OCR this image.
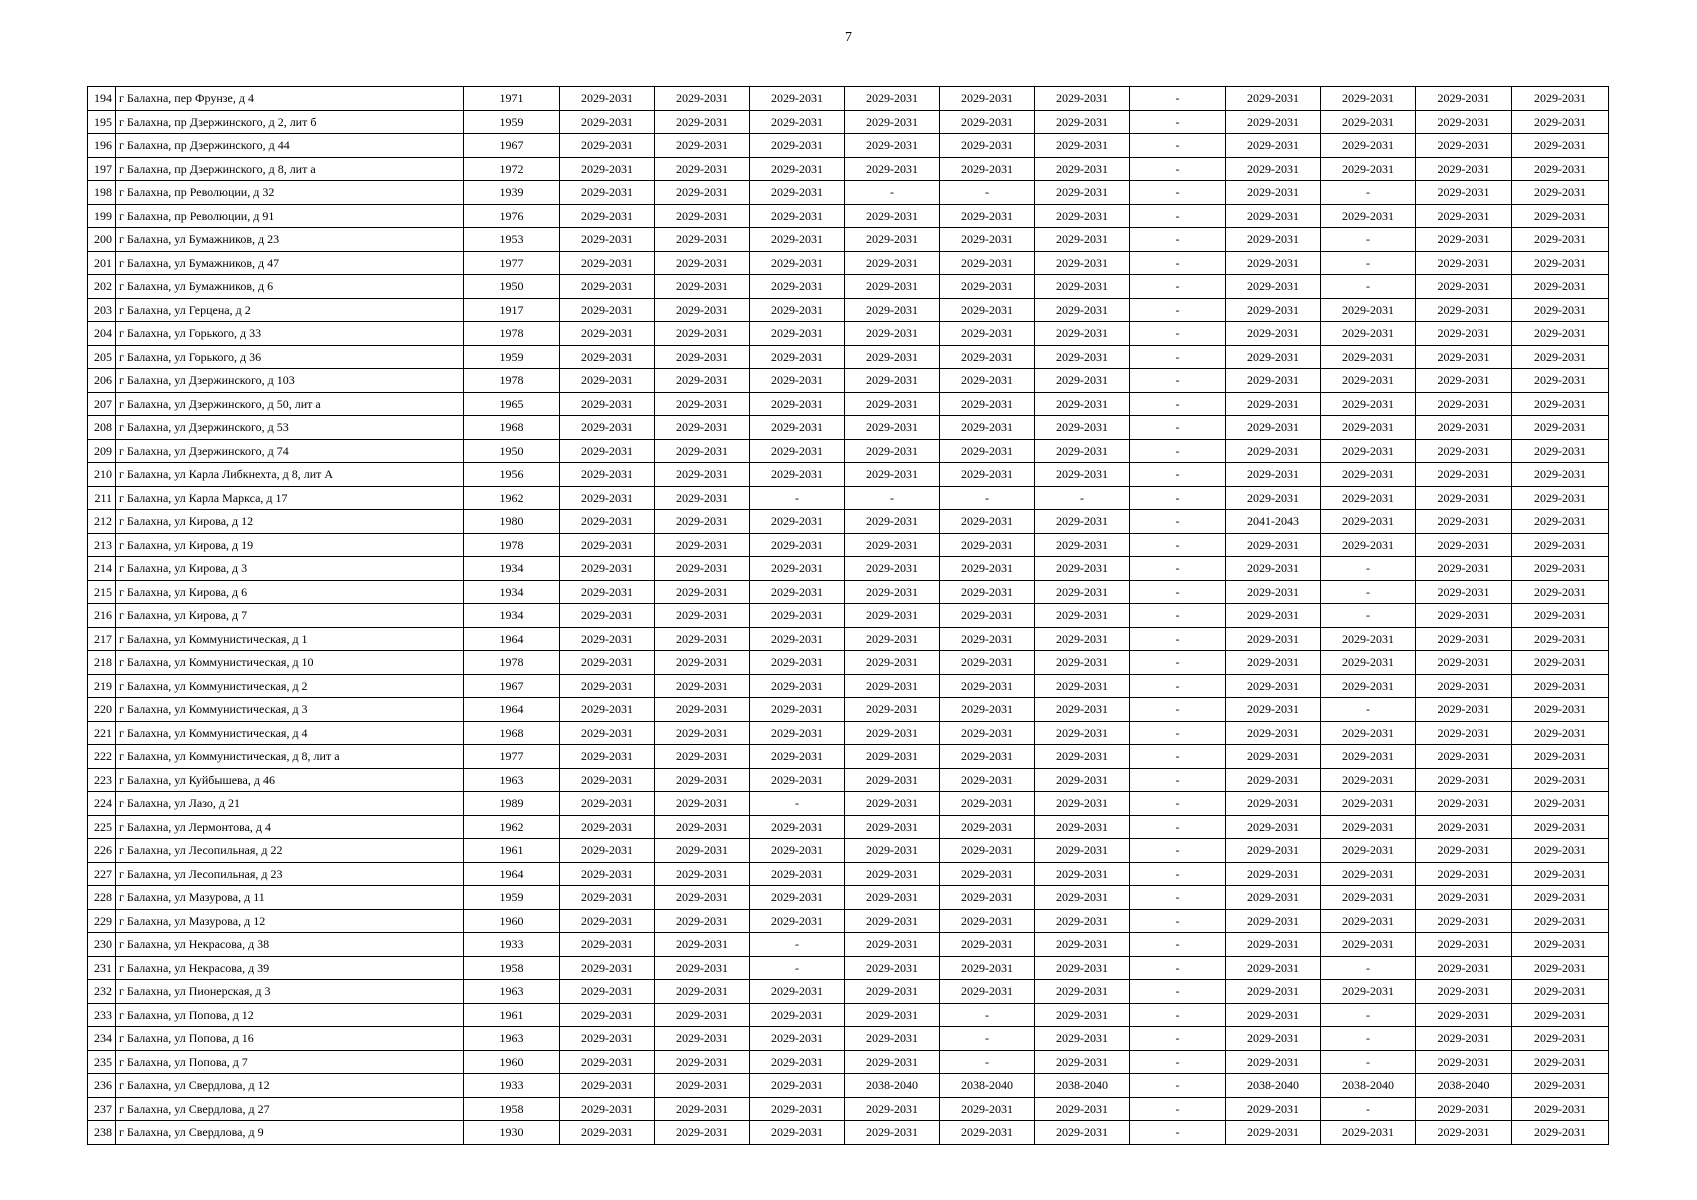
7
194	г Балахна, пер Фрунзе, д 4	1971	2029-2031	2029-2031	2029-2031	2029-2031	2029-2031	2029-2031	-	2029-2031	2029-2031	2029-2031	2029-2031
195	г Балахна, пр Дзержинского, д 2, лит б	1959	2029-2031	2029-2031	2029-2031	2029-2031	2029-2031	2029-2031	-	2029-2031	2029-2031	2029-2031	2029-2031
196	г Балахна, пр Дзержинского, д 44	1967	2029-2031	2029-2031	2029-2031	2029-2031	2029-2031	2029-2031	-	2029-2031	2029-2031	2029-2031	2029-2031
197	г Балахна, пр Дзержинского, д 8, лит а	1972	2029-2031	2029-2031	2029-2031	2029-2031	2029-2031	2029-2031	-	2029-2031	2029-2031	2029-2031	2029-2031
198	г Балахна, пр Революции, д 32	1939	2029-2031	2029-2031	2029-2031	-	-	2029-2031	-	2029-2031	-	2029-2031	2029-2031
199	г Балахна, пр Революции, д 91	1976	2029-2031	2029-2031	2029-2031	2029-2031	2029-2031	2029-2031	-	2029-2031	2029-2031	2029-2031	2029-2031
200	г Балахна, ул Бумажников, д 23	1953	2029-2031	2029-2031	2029-2031	2029-2031	2029-2031	2029-2031	-	2029-2031	-	2029-2031	2029-2031
201	г Балахна, ул Бумажников, д 47	1977	2029-2031	2029-2031	2029-2031	2029-2031	2029-2031	2029-2031	-	2029-2031	-	2029-2031	2029-2031
202	г Балахна, ул Бумажников, д 6	1950	2029-2031	2029-2031	2029-2031	2029-2031	2029-2031	2029-2031	-	2029-2031	-	2029-2031	2029-2031
203	г Балахна, ул Герцена, д 2	1917	2029-2031	2029-2031	2029-2031	2029-2031	2029-2031	2029-2031	-	2029-2031	2029-2031	2029-2031	2029-2031
204	г Балахна, ул Горького, д 33	1978	2029-2031	2029-2031	2029-2031	2029-2031	2029-2031	2029-2031	-	2029-2031	2029-2031	2029-2031	2029-2031
205	г Балахна, ул Горького, д 36	1959	2029-2031	2029-2031	2029-2031	2029-2031	2029-2031	2029-2031	-	2029-2031	2029-2031	2029-2031	2029-2031
206	г Балахна, ул Дзержинского, д 103	1978	2029-2031	2029-2031	2029-2031	2029-2031	2029-2031	2029-2031	-	2029-2031	2029-2031	2029-2031	2029-2031
207	г Балахна, ул Дзержинского, д 50, лит а	1965	2029-2031	2029-2031	2029-2031	2029-2031	2029-2031	2029-2031	-	2029-2031	2029-2031	2029-2031	2029-2031
208	г Балахна, ул Дзержинского, д 53	1968	2029-2031	2029-2031	2029-2031	2029-2031	2029-2031	2029-2031	-	2029-2031	2029-2031	2029-2031	2029-2031
209	г Балахна, ул Дзержинского, д 74	1950	2029-2031	2029-2031	2029-2031	2029-2031	2029-2031	2029-2031	-	2029-2031	2029-2031	2029-2031	2029-2031
210	г Балахна, ул Карла Либкнехта, д 8, лит А	1956	2029-2031	2029-2031	2029-2031	2029-2031	2029-2031	2029-2031	-	2029-2031	2029-2031	2029-2031	2029-2031
211	г Балахна, ул Карла Маркса, д 17	1962	2029-2031	2029-2031	-	-	-	-	-	2029-2031	2029-2031	2029-2031	2029-2031
212	г Балахна, ул Кирова, д 12	1980	2029-2031	2029-2031	2029-2031	2029-2031	2029-2031	2029-2031	-	2041-2043	2029-2031	2029-2031	2029-2031
213	г Балахна, ул Кирова, д 19	1978	2029-2031	2029-2031	2029-2031	2029-2031	2029-2031	2029-2031	-	2029-2031	2029-2031	2029-2031	2029-2031
214	г Балахна, ул Кирова, д 3	1934	2029-2031	2029-2031	2029-2031	2029-2031	2029-2031	2029-2031	-	2029-2031	-	2029-2031	2029-2031
215	г Балахна, ул Кирова, д 6	1934	2029-2031	2029-2031	2029-2031	2029-2031	2029-2031	2029-2031	-	2029-2031	-	2029-2031	2029-2031
216	г Балахна, ул Кирова, д 7	1934	2029-2031	2029-2031	2029-2031	2029-2031	2029-2031	2029-2031	-	2029-2031	-	2029-2031	2029-2031
217	г Балахна, ул Коммунистическая, д 1	1964	2029-2031	2029-2031	2029-2031	2029-2031	2029-2031	2029-2031	-	2029-2031	2029-2031	2029-2031	2029-2031
218	г Балахна, ул Коммунистическая, д 10	1978	2029-2031	2029-2031	2029-2031	2029-2031	2029-2031	2029-2031	-	2029-2031	2029-2031	2029-2031	2029-2031
219	г Балахна, ул Коммунистическая, д 2	1967	2029-2031	2029-2031	2029-2031	2029-2031	2029-2031	2029-2031	-	2029-2031	2029-2031	2029-2031	2029-2031
220	г Балахна, ул Коммунистическая, д 3	1964	2029-2031	2029-2031	2029-2031	2029-2031	2029-2031	2029-2031	-	2029-2031	-	2029-2031	2029-2031
221	г Балахна, ул Коммунистическая, д 4	1968	2029-2031	2029-2031	2029-2031	2029-2031	2029-2031	2029-2031	-	2029-2031	2029-2031	2029-2031	2029-2031
222	г Балахна, ул Коммунистическая, д 8, лит а	1977	2029-2031	2029-2031	2029-2031	2029-2031	2029-2031	2029-2031	-	2029-2031	2029-2031	2029-2031	2029-2031
223	г Балахна, ул Куйбышева, д 46	1963	2029-2031	2029-2031	2029-2031	2029-2031	2029-2031	2029-2031	-	2029-2031	2029-2031	2029-2031	2029-2031
224	г Балахна, ул Лазо, д 21	1989	2029-2031	2029-2031	-	2029-2031	2029-2031	2029-2031	-	2029-2031	2029-2031	2029-2031	2029-2031
225	г Балахна, ул Лермонтова, д 4	1962	2029-2031	2029-2031	2029-2031	2029-2031	2029-2031	2029-2031	-	2029-2031	2029-2031	2029-2031	2029-2031
226	г Балахна, ул Лесопильная, д 22	1961	2029-2031	2029-2031	2029-2031	2029-2031	2029-2031	2029-2031	-	2029-2031	2029-2031	2029-2031	2029-2031
227	г Балахна, ул Лесопильная, д 23	1964	2029-2031	2029-2031	2029-2031	2029-2031	2029-2031	2029-2031	-	2029-2031	2029-2031	2029-2031	2029-2031
228	г Балахна, ул Мазурова, д 11	1959	2029-2031	2029-2031	2029-2031	2029-2031	2029-2031	2029-2031	-	2029-2031	2029-2031	2029-2031	2029-2031
229	г Балахна, ул Мазурова, д 12	1960	2029-2031	2029-2031	2029-2031	2029-2031	2029-2031	2029-2031	-	2029-2031	2029-2031	2029-2031	2029-2031
230	г Балахна, ул Некрасова, д 38	1933	2029-2031	2029-2031	-	2029-2031	2029-2031	2029-2031	-	2029-2031	2029-2031	2029-2031	2029-2031
231	г Балахна, ул Некрасова, д 39	1958	2029-2031	2029-2031	-	2029-2031	2029-2031	2029-2031	-	2029-2031	-	2029-2031	2029-2031
232	г Балахна, ул Пионерская, д 3	1963	2029-2031	2029-2031	2029-2031	2029-2031	2029-2031	2029-2031	-	2029-2031	2029-2031	2029-2031	2029-2031
233	г Балахна, ул Попова, д 12	1961	2029-2031	2029-2031	2029-2031	2029-2031	-	2029-2031	-	2029-2031	-	2029-2031	2029-2031
234	г Балахна, ул Попова, д 16	1963	2029-2031	2029-2031	2029-2031	2029-2031	-	2029-2031	-	2029-2031	-	2029-2031	2029-2031
235	г Балахна, ул Попова, д 7	1960	2029-2031	2029-2031	2029-2031	2029-2031	-	2029-2031	-	2029-2031	-	2029-2031	2029-2031
236	г Балахна, ул Свердлова, д 12	1933	2029-2031	2029-2031	2029-2031	2038-2040	2038-2040	2038-2040	-	2038-2040	2038-2040	2038-2040	2029-2031
237	г Балахна, ул Свердлова, д 27	1958	2029-2031	2029-2031	2029-2031	2029-2031	2029-2031	2029-2031	-	2029-2031	-	2029-2031	2029-2031
238	г Балахна, ул Свердлова, д 9	1930	2029-2031	2029-2031	2029-2031	2029-2031	2029-2031	2029-2031	-	2029-2031	2029-2031	2029-2031	2029-2031
